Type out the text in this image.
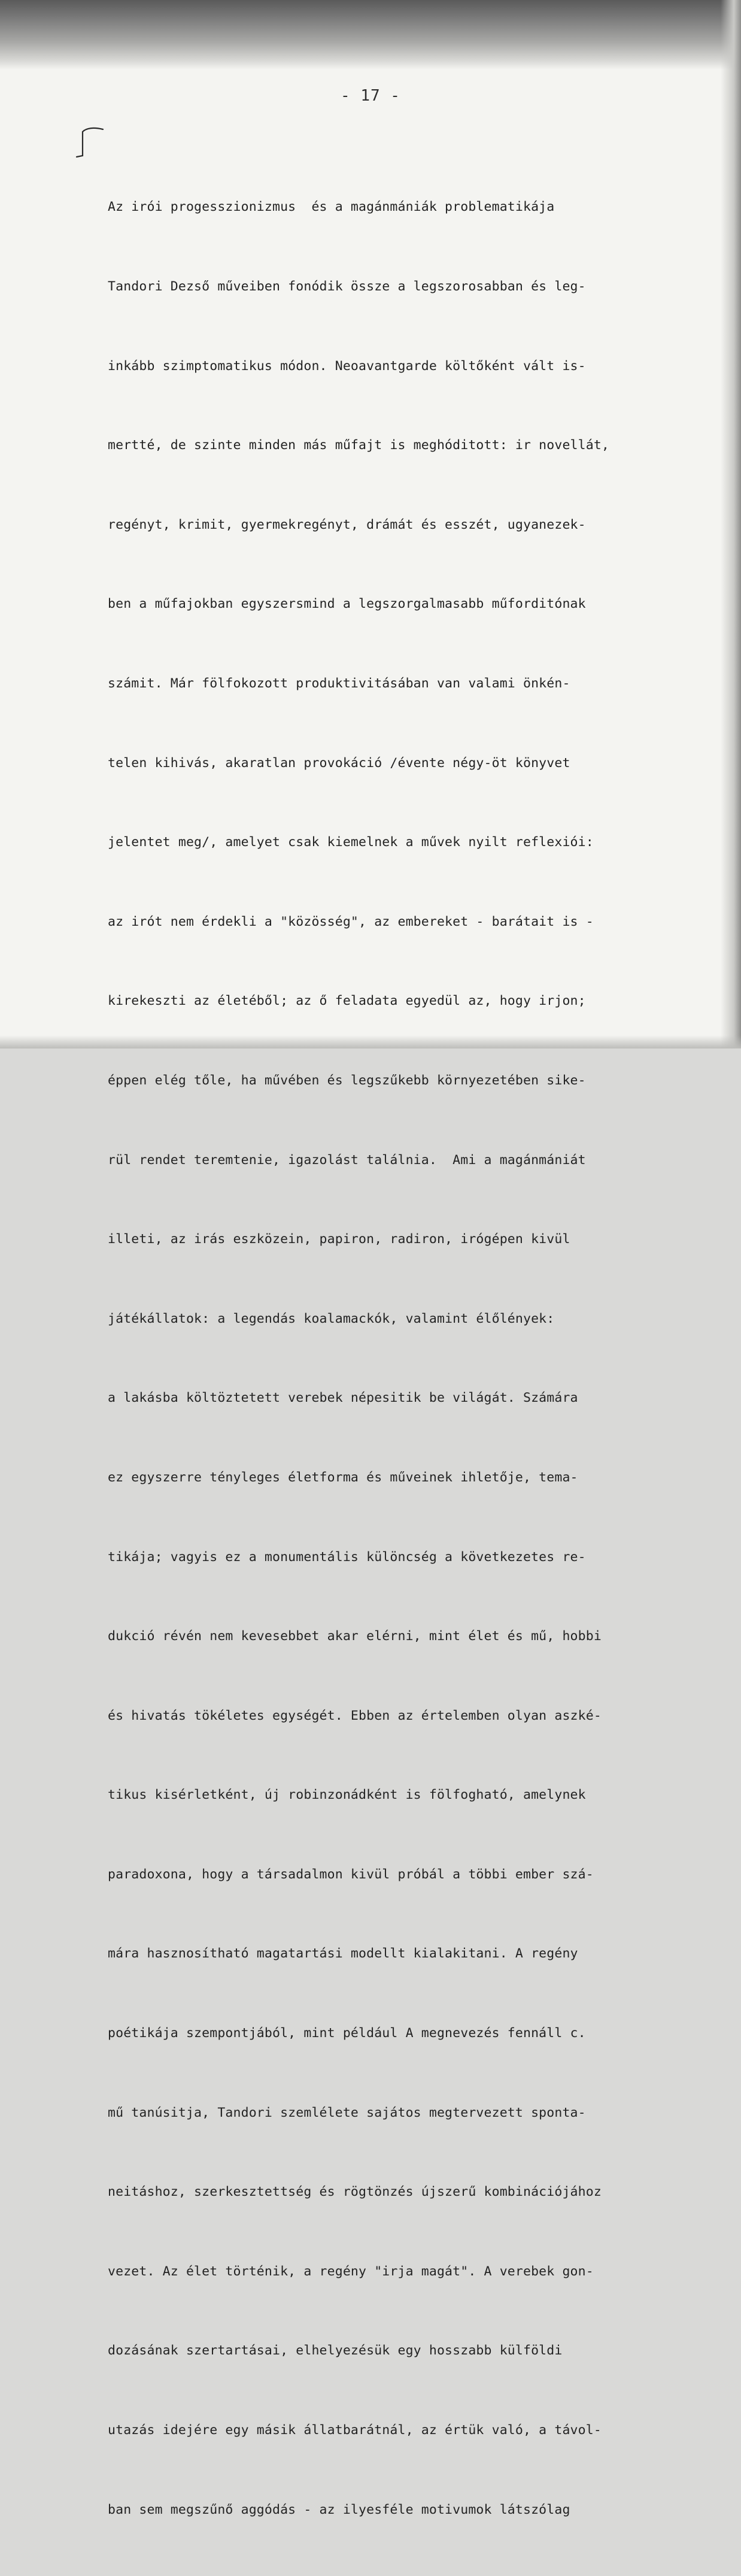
- 17 -

Az irói progesszionizmus  és a magánmániák problematikája

Tandori Dezső műveiben fonódik össze a legszorosabban és leg-

inkább szimptomatikus módon. Neoavantgarde költőként vált is-

mertté, de szinte minden más műfajt is meghóditott: ir novellát,

regényt, krimit, gyermekregényt, drámát és esszét, ugyanezek-

ben a műfajokban egyszersmind a legszorgalmasabb műforditónak

számit. Már fölfokozott produktivitásában van valami önkén-

telen kihivás, akaratlan provokáció /évente négy-öt könyvet

jelentet meg/, amelyet csak kiemelnek a művek nyilt reflexiói:

az irót nem érdekli a "közösség", az embereket - barátait is -

kirekeszti az életéből; az ő feladata egyedül az, hogy irjon;

éppen elég tőle, ha művében és legszűkebb környezetében sike-

rül rendet teremtenie, igazolást találnia.  Ami a magánmániát

illeti, az irás eszközein, papiron, radiron, irógépen kivül

játékállatok: a legendás koalamackók, valamint élőlények:

a lakásba költöztetett verebek népesitik be világát. Számára

ez egyszerre tényleges életforma és műveinek ihletője, tema-

tikája; vagyis ez a monumentális különcség a következetes re-

dukció révén nem kevesebbet akar elérni, mint élet és mű, hobbi

és hivatás tökéletes egységét. Ebben az értelemben olyan aszké-

tikus kisérletként, új robinzonádként is fölfogható, amelynek

paradoxona, hogy a társadalmon kivül próbál a többi ember szá-

mára hasznosítható magatartási modellt kialakitani. A regény

poétikája szempontjából, mint például A megnevezés fennáll c.

mű tanúsitja, Tandori szemlélete sajátos megtervezett sponta-

neitáshoz, szerkesztettség és rögtönzés újszerű kombinációjához

vezet. Az élet történik, a regény "irja magát". A verebek gon-

dozásának szertartásai, elhelyezésük egy hosszabb külföldi

utazás idejére egy másik állatbarátnál, az értük való, a távol-

ban sem megszűnő aggódás - az ilyesféle motivumok látszólag
